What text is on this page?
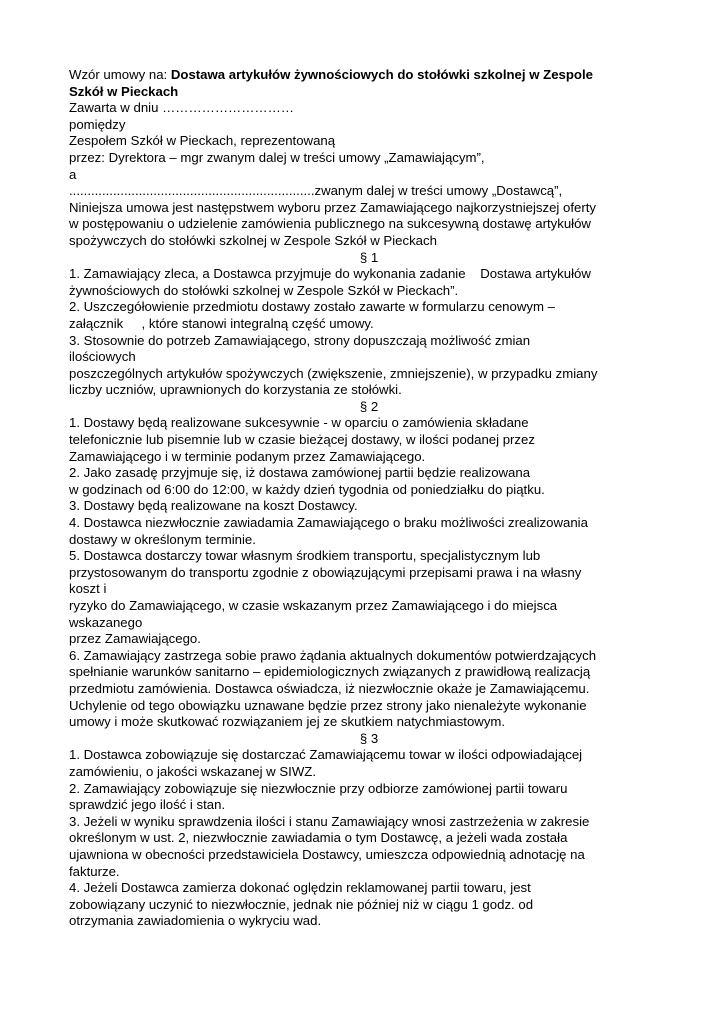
Wzór umowy na: Dostawa artykułów żywnościowych do stołówki szkolnej w Zespole
Szkół w Pieckach
Zawarta w dniu …………………………
pomiędzy
Zespołem Szkół w Pieckach, reprezentowaną
przez: Dyrektora – mgr zwanym dalej w treści umowy „Zamawiającym”,
a
...................................................................zwanym dalej w treści umowy „Dostawcą”,
Niniejsza umowa jest następstwem wyboru przez Zamawiającego najkorzystniejszej oferty
w postępowaniu o udzielenie zamówienia publicznego na sukcesywną dostawę artykułów
spożywczych do stołówki szkolnej w Zespole Szkół w Pieckach
§ 1
1. Zamawiający zleca, a Dostawca przyjmuje do wykonania zadanie    Dostawa artykułów
żywnościowych do stołówki szkolnej w Zespole Szkół w Pieckach”.
2. Uszczegółowienie przedmiotu dostawy zostało zawarte w formularzu cenowym –
załącznik     , które stanowi integralną część umowy.
3. Stosownie do potrzeb Zamawiającego, strony dopuszczają możliwość zmian
ilościowych
poszczególnych artykułów spożywczych (zwiększenie, zmniejszenie), w przypadku zmiany
liczby uczniów, uprawnionych do korzystania ze stołówki.
§ 2
1. Dostawy będą realizowane sukcesywnie - w oparciu o zamówienia składane
telefonicznie lub pisemnie lub w czasie bieżącej dostawy, w ilości podanej przez
Zamawiającego i w terminie podanym przez Zamawiającego.
2. Jako zasadę przyjmuje się, iż dostawa zamówionej partii będzie realizowana
w godzinach od 6:00 do 12:00, w każdy dzień tygodnia od poniedziałku do piątku.
3. Dostawy będą realizowane na koszt Dostawcy.
4. Dostawca niezwłocznie zawiadamia Zamawiającego o braku możliwości zrealizowania
dostawy w określonym terminie.
5. Dostawca dostarczy towar własnym środkiem transportu, specjalistycznym lub
przystosowanym do transportu zgodnie z obowiązującymi przepisami prawa i na własny
koszt i
ryzyko do Zamawiającego, w czasie wskazanym przez Zamawiającego i do miejsca
wskazanego
przez Zamawiającego.
6. Zamawiający zastrzega sobie prawo żądania aktualnych dokumentów potwierdzających
spełnianie warunków sanitarno – epidemiologicznych związanych z prawidłową realizacją
przedmiotu zamówienia. Dostawca oświadcza, iż niezwłocznie okaże je Zamawiającemu.
Uchylenie od tego obowiązku uznawane będzie przez strony jako nienależyte wykonanie
umowy i może skutkować rozwiązaniem jej ze skutkiem natychmiastowym.
§ 3
1. Dostawca zobowiązuje się dostarczać Zamawiającemu towar w ilości odpowiadającej
zamówieniu, o jakości wskazanej w SIWZ.
2. Zamawiający zobowiązuje się niezwłocznie przy odbiorze zamówionej partii towaru
sprawdzić jego ilość i stan.
3. Jeżeli w wyniku sprawdzenia ilości i stanu Zamawiający wnosi zastrzeżenia w zakresie
określonym w ust. 2, niezwłocznie zawiadamia o tym Dostawcę, a jeżeli wada została
ujawniona w obecności przedstawiciela Dostawcy, umieszcza odpowiednią adnotację na
fakturze.
4. Jeżeli Dostawca zamierza dokonać oględzin reklamowanej partii towaru, jest
zobowiązany uczynić to niezwłocznie, jednak nie później niż w ciągu 1 godz. od
otrzymania zawiadomienia o wykryciu wad.
